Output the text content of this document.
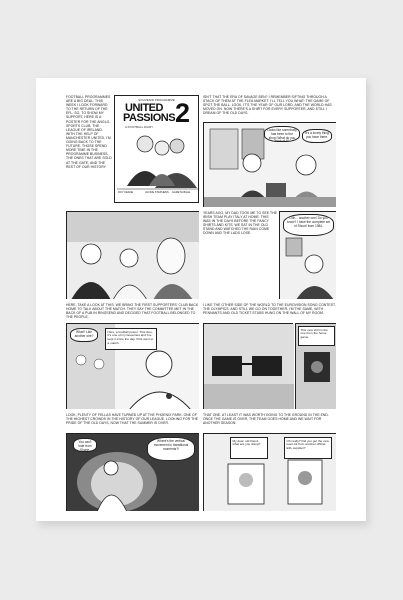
FOOTBALL PROGRAMMES ARE A BIG DEAL. THIS WEEK I LOOK FORWARD TO THE RETURN OF THE EFL. SO, TO SHOW MY SUPPORT, HERE IS A POSTER FOR THE ANGLO-SPORTS CLUB. THE LEAGUE OF IRELAND. WITH THE HELP OF MANCHESTER UNITED, I'M GOING BACK TO THE FUTURE. THOSE SPEND MORE TIME IN THE PROGRAMME BUSINESS, THE ONES THAT ARE SOLD AT THE GATE, AND THE REST OF OUR HISTORY.
SOUVENIR PROGRAMME
UNITED
PASSIONS 2
A FOOTBALL DIARY
ROY KEANE	JACKIE STEPHENS	GARETH BALE
ISN'T THAT THE ERA OF SAVAGE BEN? I REMEMBER SIFTING THROUGH A STACK OF THEM AT THE FLEA MARKET. I'LL TELL YOU WHAT: THE GAME OF SPOT THE BALL. LOOK, IT'S THE YEAR OF OUR LORD, AND THE WORLD HAS MOVED ON. NOW THERE'S A SHIRT FOR EVERY SUPPORTER, AND STILL I DREAM OF THE OLD DAYS.
Looks like somebody has been to the shop! What do you think of it?
It's a lovely thing you have there.
YEARS AGO, MY DAD TOOK ME TO SEE THE IRISH TEAM PLAY ITALY AT HOME. THIS WAS IN THE DAYS BEFORE THE FANCY SHIRTS AND KITS. WE SAT IN THE OLD STAND AND WATCHED THE RAIN COME DOWN AND THE LADS LOSE.
Ooh... another one! Do you know? I have the complete set of Shoot! from 1984.
HERE, TAKE A LOOK AT THIS. WE BRING THE FIRST SUPPORTERS' CLUB BACK HOME TO TALK ABOUT THE MATCH. THEY SAY THE COMMITTEE MET IN THE BACK OF A PUB IN RINGSEND AND DECIDED THAT FOOTBALL BELONGED TO THE PEOPLE.
Here, a football poster. This time, it's one of my favourites and I've kept it since the day I first went to a match.
What? Like another one?
I LIKE THE OTHER SIDE OF THE WORLD TO THE EUROVISION SONG CONTEST, THE OLYMPICS. AND STILL WE GO ON TOGETHER. I'M THE SAME, WITH PENNANTS AND OLD TICKET STUBS HUNG ON THE WALL OF MY ROOM.
This new shirt is the one from the home game.
LOOK, PLENTY OF FELLAS HAVE TURNED UP AT THE PHOENIX PARK. ONE OF THE HIGHEST CROWDS IN THE HISTORY OF OUR LEAGUE, LOOKING FOR THE PRIDE OF THE OLD DAYS, NOW THAT THE SUMMER IS OVER.
Where's the vertical movement in transitional moments?!
You can't hide from Shane.
THAT ONE. AT LEAST IT WAS WORTH GOING TO THE GROUND IN THE END. ONCE THE GAME IS OVER, THE TEAM GOES HOME AND WE WAIT FOR ANOTHER SEASON.
My dear, old friend, what are you doing?
Oh really? Did you get the new team kit from another official EFL supplier?
